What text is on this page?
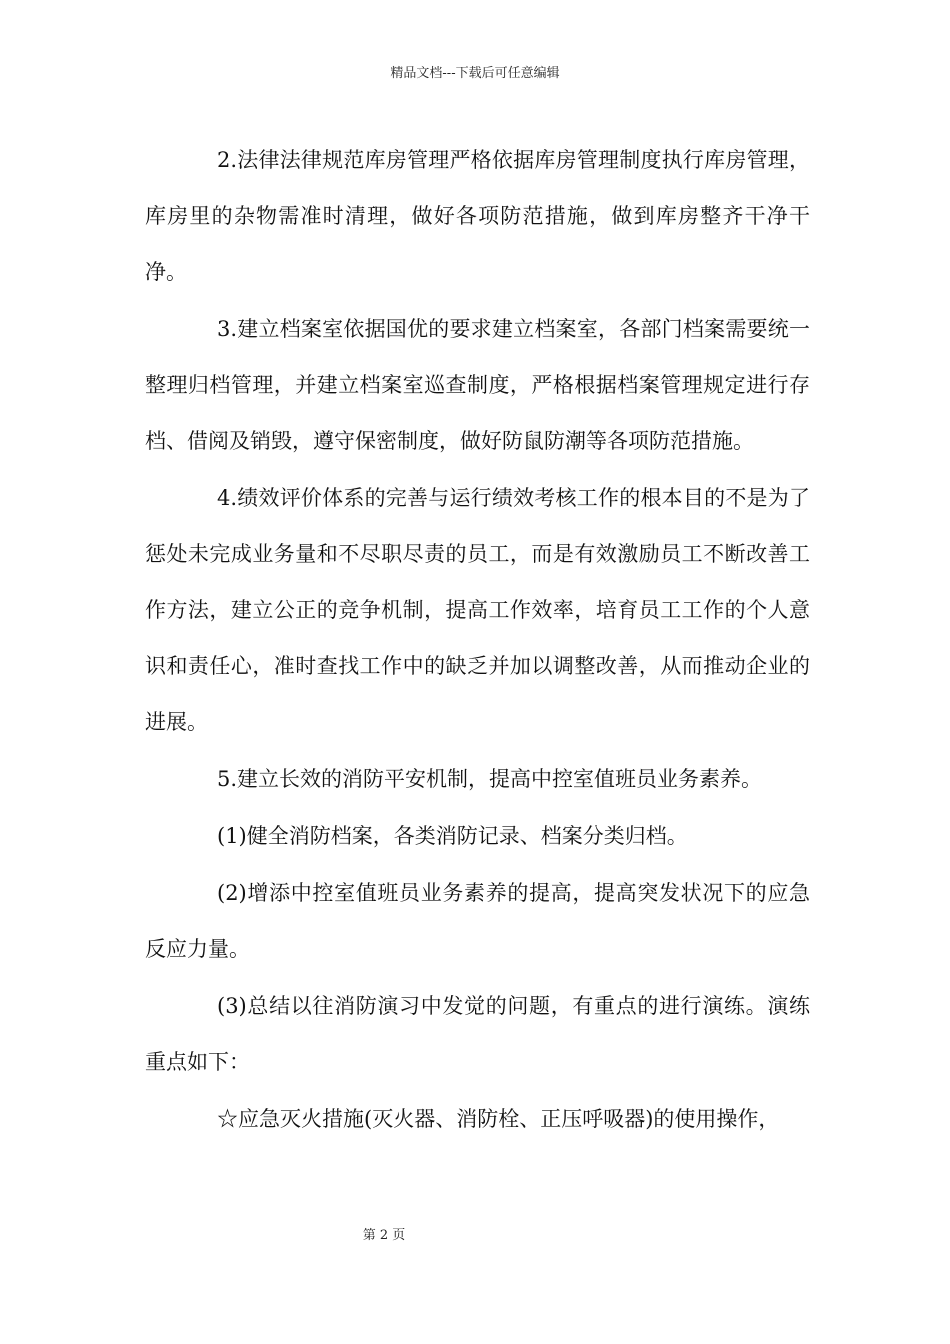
精品文档---下载后可任意编辑

2.法律法律规范库房管理严格依据库房管理制度执行库房管理，库房里的杂物需准时清理，做好各项防范措施，做到库房整齐干净干净。

3.建立档案室依据国优的要求建立档案室，各部门档案需要统一整理归档管理，并建立档案室巡查制度，严格根据档案管理规定进行存档、借阅及销毁，遵守保密制度，做好防鼠防潮等各项防范措施。

4.绩效评价体系的完善与运行绩效考核工作的根本目的不是为了惩处未完成业务量和不尽职尽责的员工，而是有效激励员工不断改善工作方法，建立公正的竞争机制，提高工作效率，培育员工工作的个人意识和责任心，准时查找工作中的缺乏并加以调整改善，从而推动企业的进展。

5.建立长效的消防平安机制，提高中控室值班员业务素养。

(1)健全消防档案，各类消防记录、档案分类归档。

(2)增添中控室值班员业务素养的提高，提高突发状况下的应急反应力量。

(3)总结以往消防演习中发觉的问题，有重点的进行演练。演练重点如下：

☆应急灭火措施(灭火器、消防栓、正压呼吸器)的使用操作，

第 2 页
